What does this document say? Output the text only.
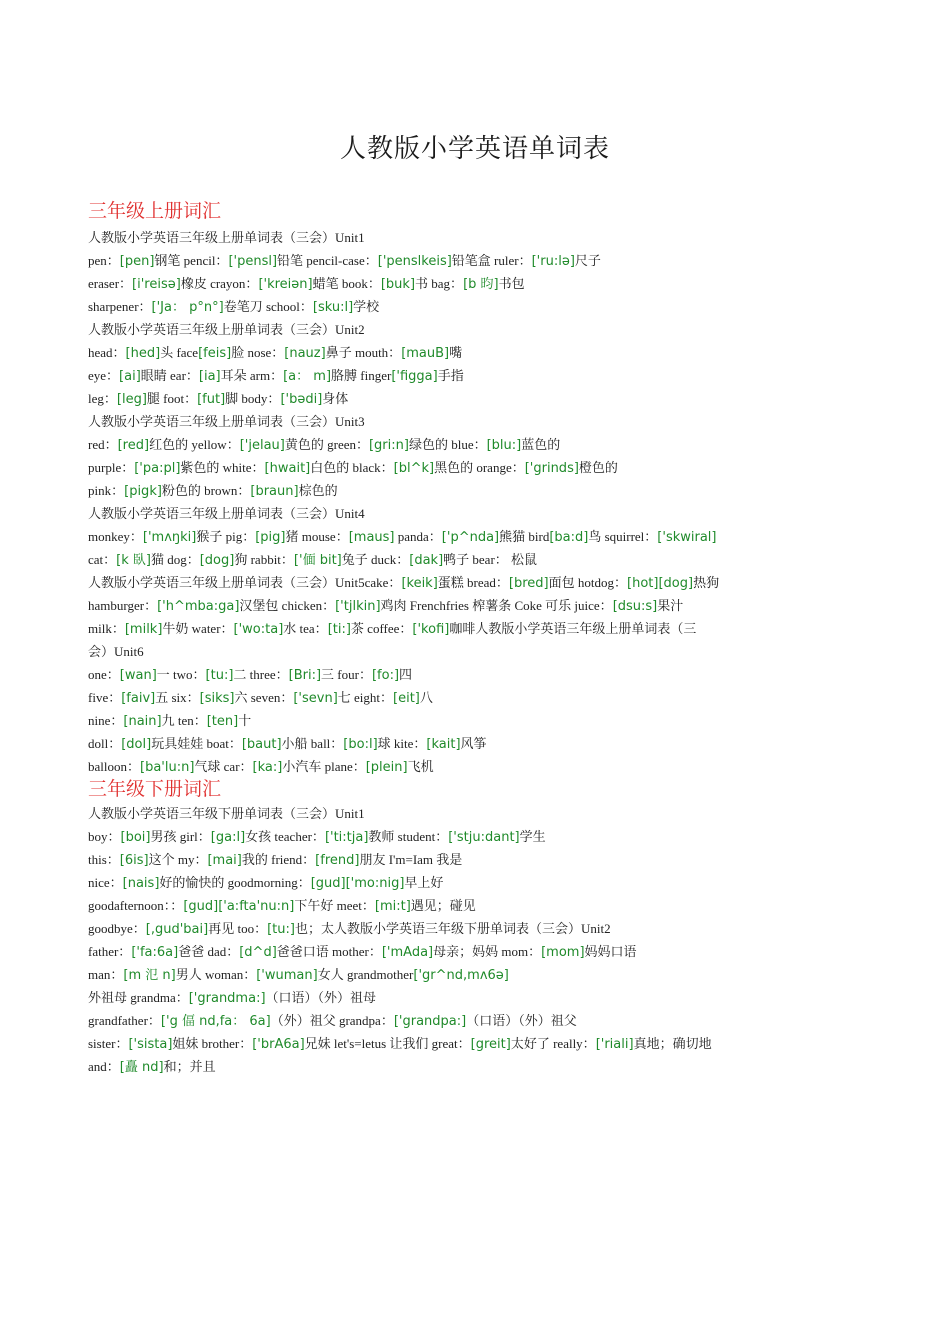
人教版小学英语单词表
三年级上册词汇
人教版小学英语三年级上册单词表（三会）Unit1
pen：[pen]钢笔 pencil：['pensl]铅笔 pencil-case：['penslkeis]铅笔盒 ruler：['ru:lə]尺子
eraser：[i'reisə]橡皮 crayon：['kreiən]蜡笔 book：[buk]书 bag：[b 昀]书包
sharpener：['Ja： p°n°]卷笔刀 school：[sku:l]学校
人教版小学英语三年级上册单词表（三会）Unit2
head：[hed]头 face[feis]脸 nose：[nauz]鼻子 mouth：[mauB]嘴
eye：[ai]眼睛 ear：[ia]耳朵 arm：[a： m]胳膊 finger['figga]手指
leg：[leg]腿 foot：[fut]脚 body：['bədi]身体
人教版小学英语三年级上册单词表（三会）Unit3
red：[red]红色的 yellow：['jelau]黄色的 green：[gri:n]绿色的 blue：[blu:]蓝色的
purple：['pa:pl]紫色的 white：[hwait]白色的 black：[bl^k]黑色的 orange：['grinds]橙色的
pink：[pigk]粉色的 brown：[braun]棕色的
人教版小学英语三年级上册单词表（三会）Unit4
monkey：['mʌŋki]猴子 pig：[pig]猪 mouse：[maus] panda：['p^nda]熊猫 bird[ba:d]鸟 squirrel：['skwiral]
cat：[k 臥]猫 dog：[dog]狗 rabbit：['偭 bit]兔子 duck：[dak]鸭子 bear： 松鼠
人教版小学英语三年级上册单词表（三会）Unit5cake：[keik]蛋糕 bread：[bred]面包 hotdog：[hot][dog]热狗
hamburger：['h^mba:ga]汉堡包 chicken：['tjlkin]鸡肉 Frenchfries 榨薯条 Coke 可乐 juice：[dsu:s]果汁
milk：[milk]牛奶 water：['wo:ta]水 tea：[ti:]茶 coffee：['kofi]咖啡人教版小学英语三年级上册单词表（三
会）Unit6
one：[wan]一 two：[tu:]二 three：[Bri:]三 four：[fo:]四
five：[faiv]五 six：[siks]六 seven：['sevn]七 eight：[eit]八
nine：[nain]九 ten：[ten]十
doll：[dol]玩具娃娃 boat：[baut]小船 ball：[bo:l]球 kite：[kait]风筝
balloon：[ba'lu:n]气球 car：[ka:]小汽车 plane：[plein]飞机
三年级下册词汇
人教版小学英语三年级下册单词表（三会）Unit1
boy：[boi]男孩 girl：[ga:l]女孩 teacher：['ti:tja]教师 student：['stju:dant]学生
this：[6is]这个 my：[mai]我的 friend：[frend]朋友 I'm=Iam 我是
nice：[nais]好的愉快的 goodmorning：[gud]['mo:nig]早上好
goodafternoon：：[gud]['a:fta'nu:n]下午好 meet：[mi:t]遇见；碰见
goodbye：[,gud'bai]再见 too：[tu:]也；太人教版小学英语三年级下册单词表（三会）Unit2
father：['fa:6a]爸爸 dad：[d^d]爸爸口语 mother：['mAda]母亲；妈妈 mom：[mom]妈妈口语
man：[m 氾 n]男人 woman：['wuman]女人 grandmother['gr^nd,mʌ6ə]
外祖母 grandma：['grandma:]（口语）（外）祖母
grandfather：['g 偪 nd,fa： 6a]（外）祖父 grandpa：['grandpa:]（口语）（外）祖父
sister：['sista]姐妹 brother：['brA6a]兄妹 let's=letus 让我们 great：[greit]太好了 really：['riali]真地；确切地
and：[矗 nd]和；并且
